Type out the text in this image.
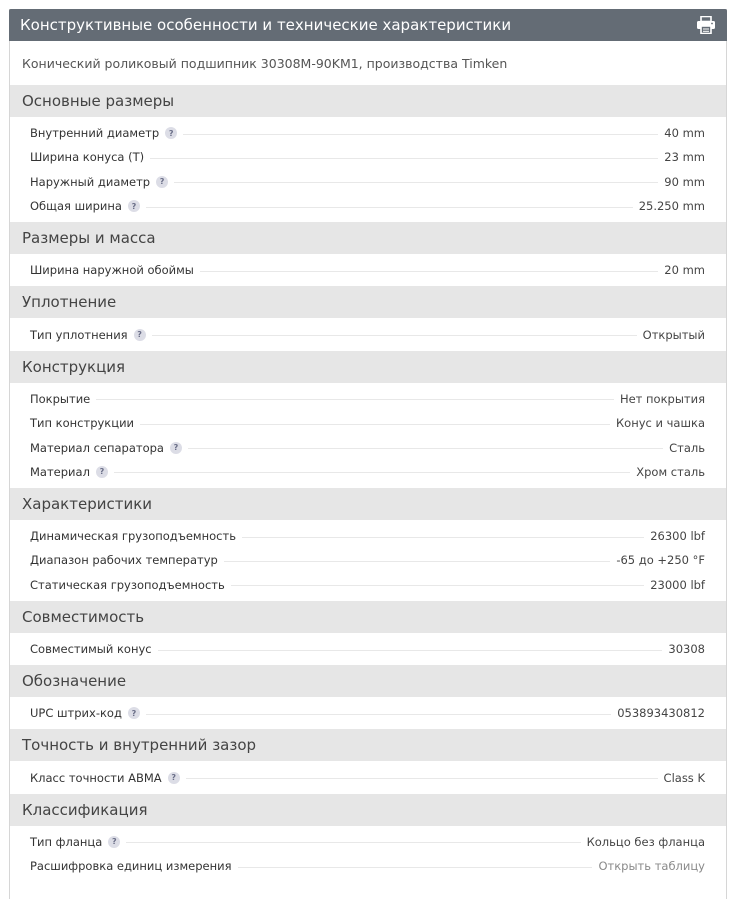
Конструктивные особенности и технические характеристики
Конический роликовый подшипник 30308M-90KM1, производства Timken
Основные размеры
Внутренний диаметр	?	40 mm
Ширина конуса (T)	23 mm
Наружный диаметр	?	90 mm
Общая ширина	?	25.250 mm
Размеры и масса
Ширина наружной обоймы	20 mm
Уплотнение
Тип уплотнения	?	Открытый
Конструкция
Покрытие	Нет покрытия
Тип конструкции	Конус и чашка
Материал сепаратора	?	Сталь
Материал	?	Хром сталь
Характеристики
Динамическая грузоподъемность	26300 lbf
Диапазон рабочих температур	-65 до +250 °F
Статическая грузоподъемность	23000 lbf
Совместимость
Совместимый конус	30308
Обозначение
UPC штрих-код	?	053893430812
Точность и внутренний зазор
Класс точности ABMA	?	Class K
Классификация
Тип фланца	?	Кольцо без фланца
Расшифровка единиц измерения	Открыть таблицу
